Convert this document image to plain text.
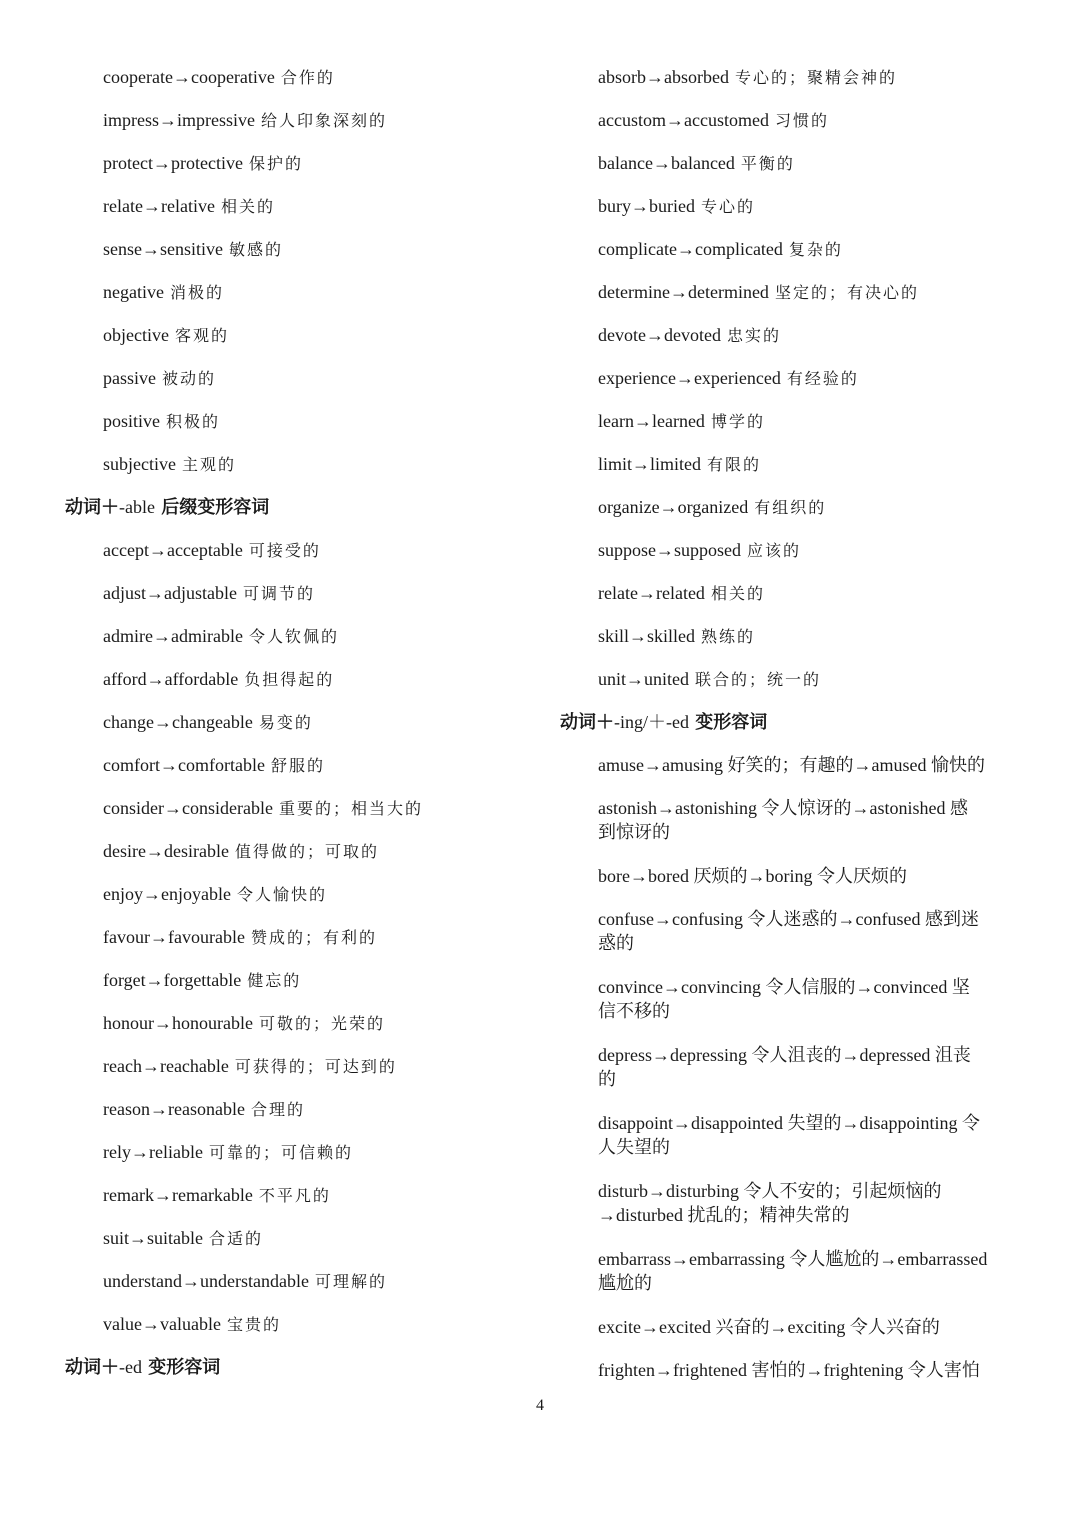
cooperate→cooperative 合作的
impress→impressive 给人印象深刻的
protect→protective 保护的
relate→relative 相关的
sense→sensitive 敏感的
negative 消极的
objective 客观的
passive 被动的
positive 积极的
subjective 主观的
动词＋-able 后缀变形容词
accept→acceptable 可接受的
adjust→adjustable 可调节的
admire→admirable 令人钦佩的
afford→affordable 负担得起的
change→changeable 易变的
comfort→comfortable 舒服的
consider→considerable 重要的；相当大的
desire→desirable 值得做的；可取的
enjoy→enjoyable 令人愉快的
favour→favourable 赞成的；有利的
forget→forgettable 健忘的
honour→honourable 可敬的；光荣的
reach→reachable 可获得的；可达到的
reason→reasonable 合理的
rely→reliable 可靠的；可信赖的
remark→remarkable 不平凡的
suit→suitable 合适的
understand→understandable 可理解的
value→valuable 宝贵的
动词＋-ed 变形容词
absorb→absorbed 专心的；聚精会神的
accustom→accustomed 习惯的
balance→balanced 平衡的
bury→buried 专心的
complicate→complicated 复杂的
determine→determined 坚定的；有决心的
devote→devoted 忠实的
experience→experienced 有经验的
learn→learned 博学的
limit→limited 有限的
organize→organized 有组织的
suppose→supposed 应该的
relate→related 相关的
skill→skilled 熟练的
unit→united 联合的；统一的
动词＋-ing/＋-ed 变形容词
amuse→amusing 好笑的；有趣的→amused 愉快的
astonish→astonishing 令人惊讶的→astonished 感
到惊讶的
bore→bored 厌烦的→boring 令人厌烦的
confuse→confusing 令人迷惑的→confused 感到迷
惑的
convince→convincing 令人信服的→convinced 坚
信不移的
depress→depressing 令人沮丧的→depressed 沮丧
的
disappoint→disappointed 失望的→disappointing 令
人失望的
disturb→disturbing 令人不安的；引起烦恼的
→disturbed 扰乱的；精神失常的
embarrass→embarrassing 令人尴尬的→embarrassed
尴尬的
excite→excited 兴奋的→exciting 令人兴奋的
frighten→frightened 害怕的→frightening 令人害怕
4
